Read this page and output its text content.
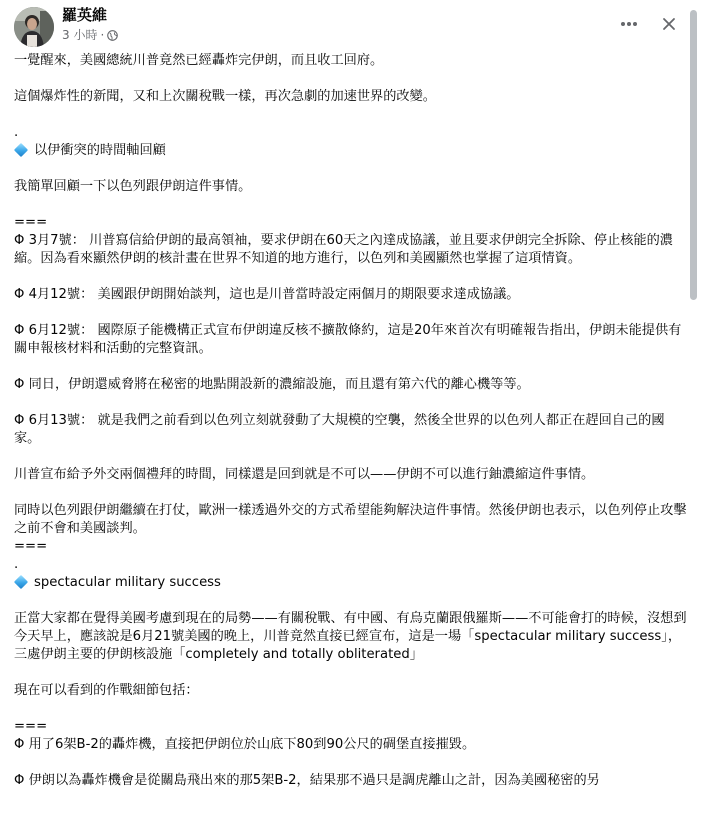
羅英維
3 小時 ·

一覺醒來，美國總統川普竟然已經轟炸完伊朗，而且收工回府。

這個爆炸性的新聞，又和上次關稅戰一樣，再次急劇的加速世界的改變。

.

以伊衝突的時間軸回顧

我簡單回顧一下以色列跟伊朗這件事情。

===

Φ 3月7號： 川普寫信給伊朗的最高領袖，要求伊朗在60天之內達成協議，並且要求伊朗完全拆除、停止核能的濃縮。因為看來顯然伊朗的核計畫在世界不知道的地方進行，以色列和美國顯然也掌握了這項情資。

Φ 4月12號： 美國跟伊朗開始談判，這也是川普當時設定兩個月的期限要求達成協議。

Φ 6月12號： 國際原子能機構正式宣布伊朗違反核不擴散條約，這是20年來首次有明確報告指出，伊朗未能提供有關申報核材料和活動的完整資訊。

Φ 同日，伊朗還威脅將在秘密的地點開設新的濃縮設施，而且還有第六代的離心機等等。

Φ 6月13號： 就是我們之前看到以色列立刻就發動了大規模的空襲，然後全世界的以色列人都正在趕回自己的國家。

川普宣布給予外交兩個禮拜的時間，同樣還是回到就是不可以——伊朗不可以進行鈾濃縮這件事情。

同時以色列跟伊朗繼續在打仗，歐洲一樣透過外交的方式希望能夠解決這件事情。然後伊朗也表示，以色列停止攻擊之前不會和美國談判。

===

.

spectacular military success

正當大家都在覺得美國考慮到現在的局勢——有關稅戰、有中國、有烏克蘭跟俄羅斯——不可能會打的時候，沒想到今天早上，應該說是6月21號美國的晚上，川普竟然直接已經宣布，這是一場「spectacular military success」，三處伊朗主要的伊朗核設施「completely and totally obliterated」

現在可以看到的作戰細節包括：

===

Φ 用了6架B-2的轟炸機，直接把伊朗位於山底下80到90公尺的碉堡直接摧毀。

Φ 伊朗以為轟炸機會是從關島飛出來的那5架B-2，結果那不過只是調虎離山之計，因為美國秘密的另
